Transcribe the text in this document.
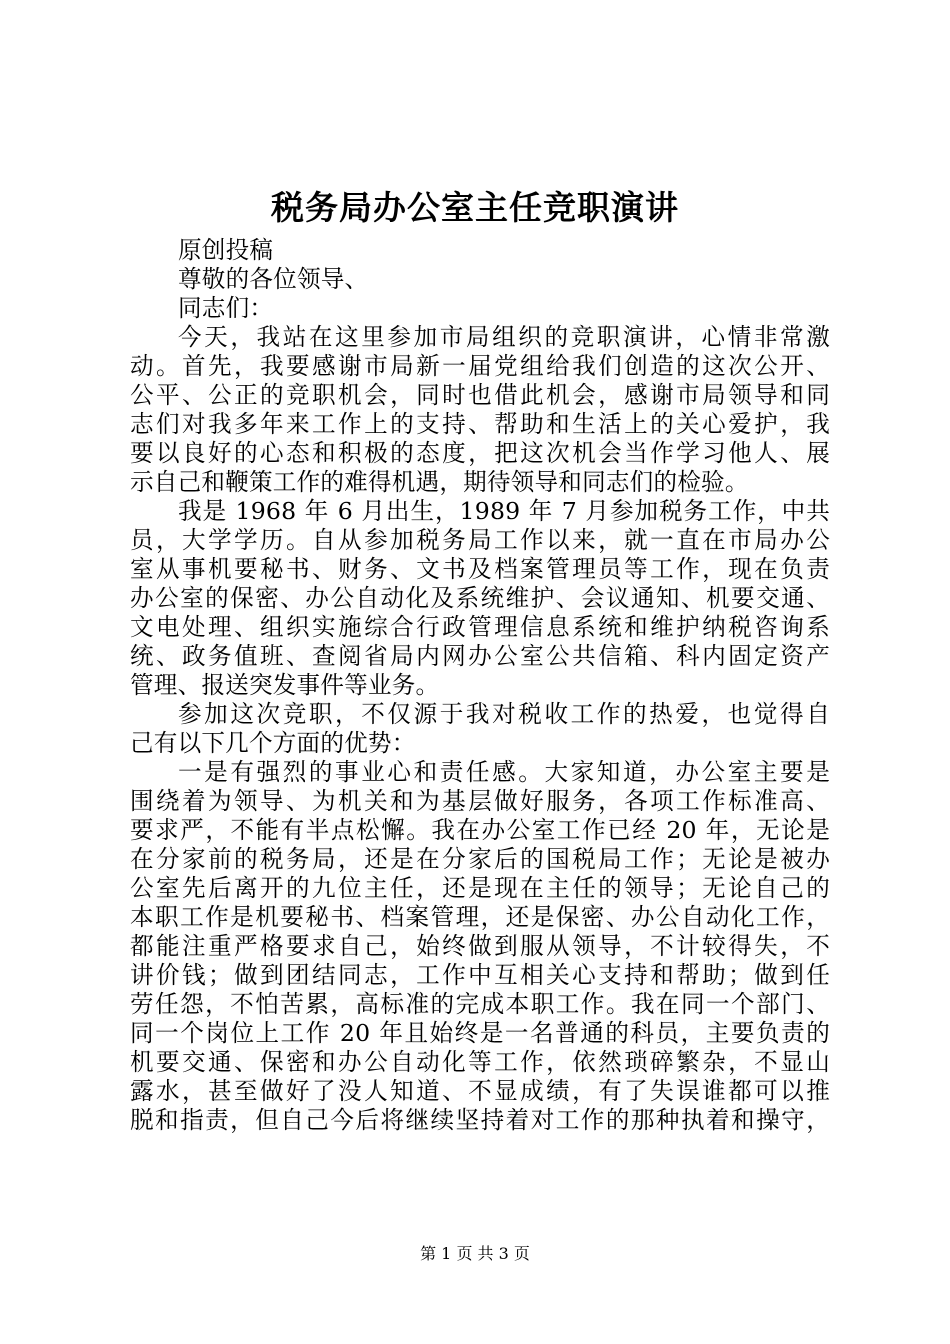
税务局办公室主任竞职演讲
原创投稿
尊敬的各位领导、
同志们：
今天，我站在这里参加市局组织的竞职演讲，心情非常激
动。首先，我要感谢市局新一届党组给我们创造的这次公开、
公平、公正的竞职机会，同时也借此机会，感谢市局领导和同
志们对我多年来工作上的支持、帮助和生活上的关心爱护，我
要以良好的心态和积极的态度，把这次机会当作学习他人、展
示自己和鞭策工作的难得机遇，期待领导和同志们的检验。
我是 1968 年 6 月出生，1989 年 7 月参加税务工作，中共
员，大学学历。自从参加税务局工作以来，就一直在市局办公
室从事机要秘书、财务、文书及档案管理员等工作，现在负责
办公室的保密、办公自动化及系统维护、会议通知、机要交通、
文电处理、组织实施综合行政管理信息系统和维护纳税咨询系
统、政务值班、查阅省局内网办公室公共信箱、科内固定资产
管理、报送突发事件等业务。
参加这次竞职，不仅源于我对税收工作的热爱，也觉得自
己有以下几个方面的优势：
一是有强烈的事业心和责任感。大家知道，办公室主要是
围绕着为领导、为机关和为基层做好服务，各项工作标准高、
要求严，不能有半点松懈。我在办公室工作已经 20 年，无论是
在分家前的税务局，还是在分家后的国税局工作；无论是被办
公室先后离开的九位主任，还是现在主任的领导；无论自己的
本职工作是机要秘书、档案管理，还是保密、办公自动化工作，
都能注重严格要求自己，始终做到服从领导，不计较得失，不
讲价钱；做到团结同志，工作中互相关心支持和帮助；做到任
劳任怨，不怕苦累，高标准的完成本职工作。我在同一个部门、
同一个岗位上工作 20 年且始终是一名普通的科员，主要负责的
机要交通、保密和办公自动化等工作，依然琐碎繁杂，不显山
露水，甚至做好了没人知道、不显成绩，有了失误谁都可以推
脱和指责，但自己今后将继续坚持着对工作的那种执着和操守，
第 1 页 共 3 页
